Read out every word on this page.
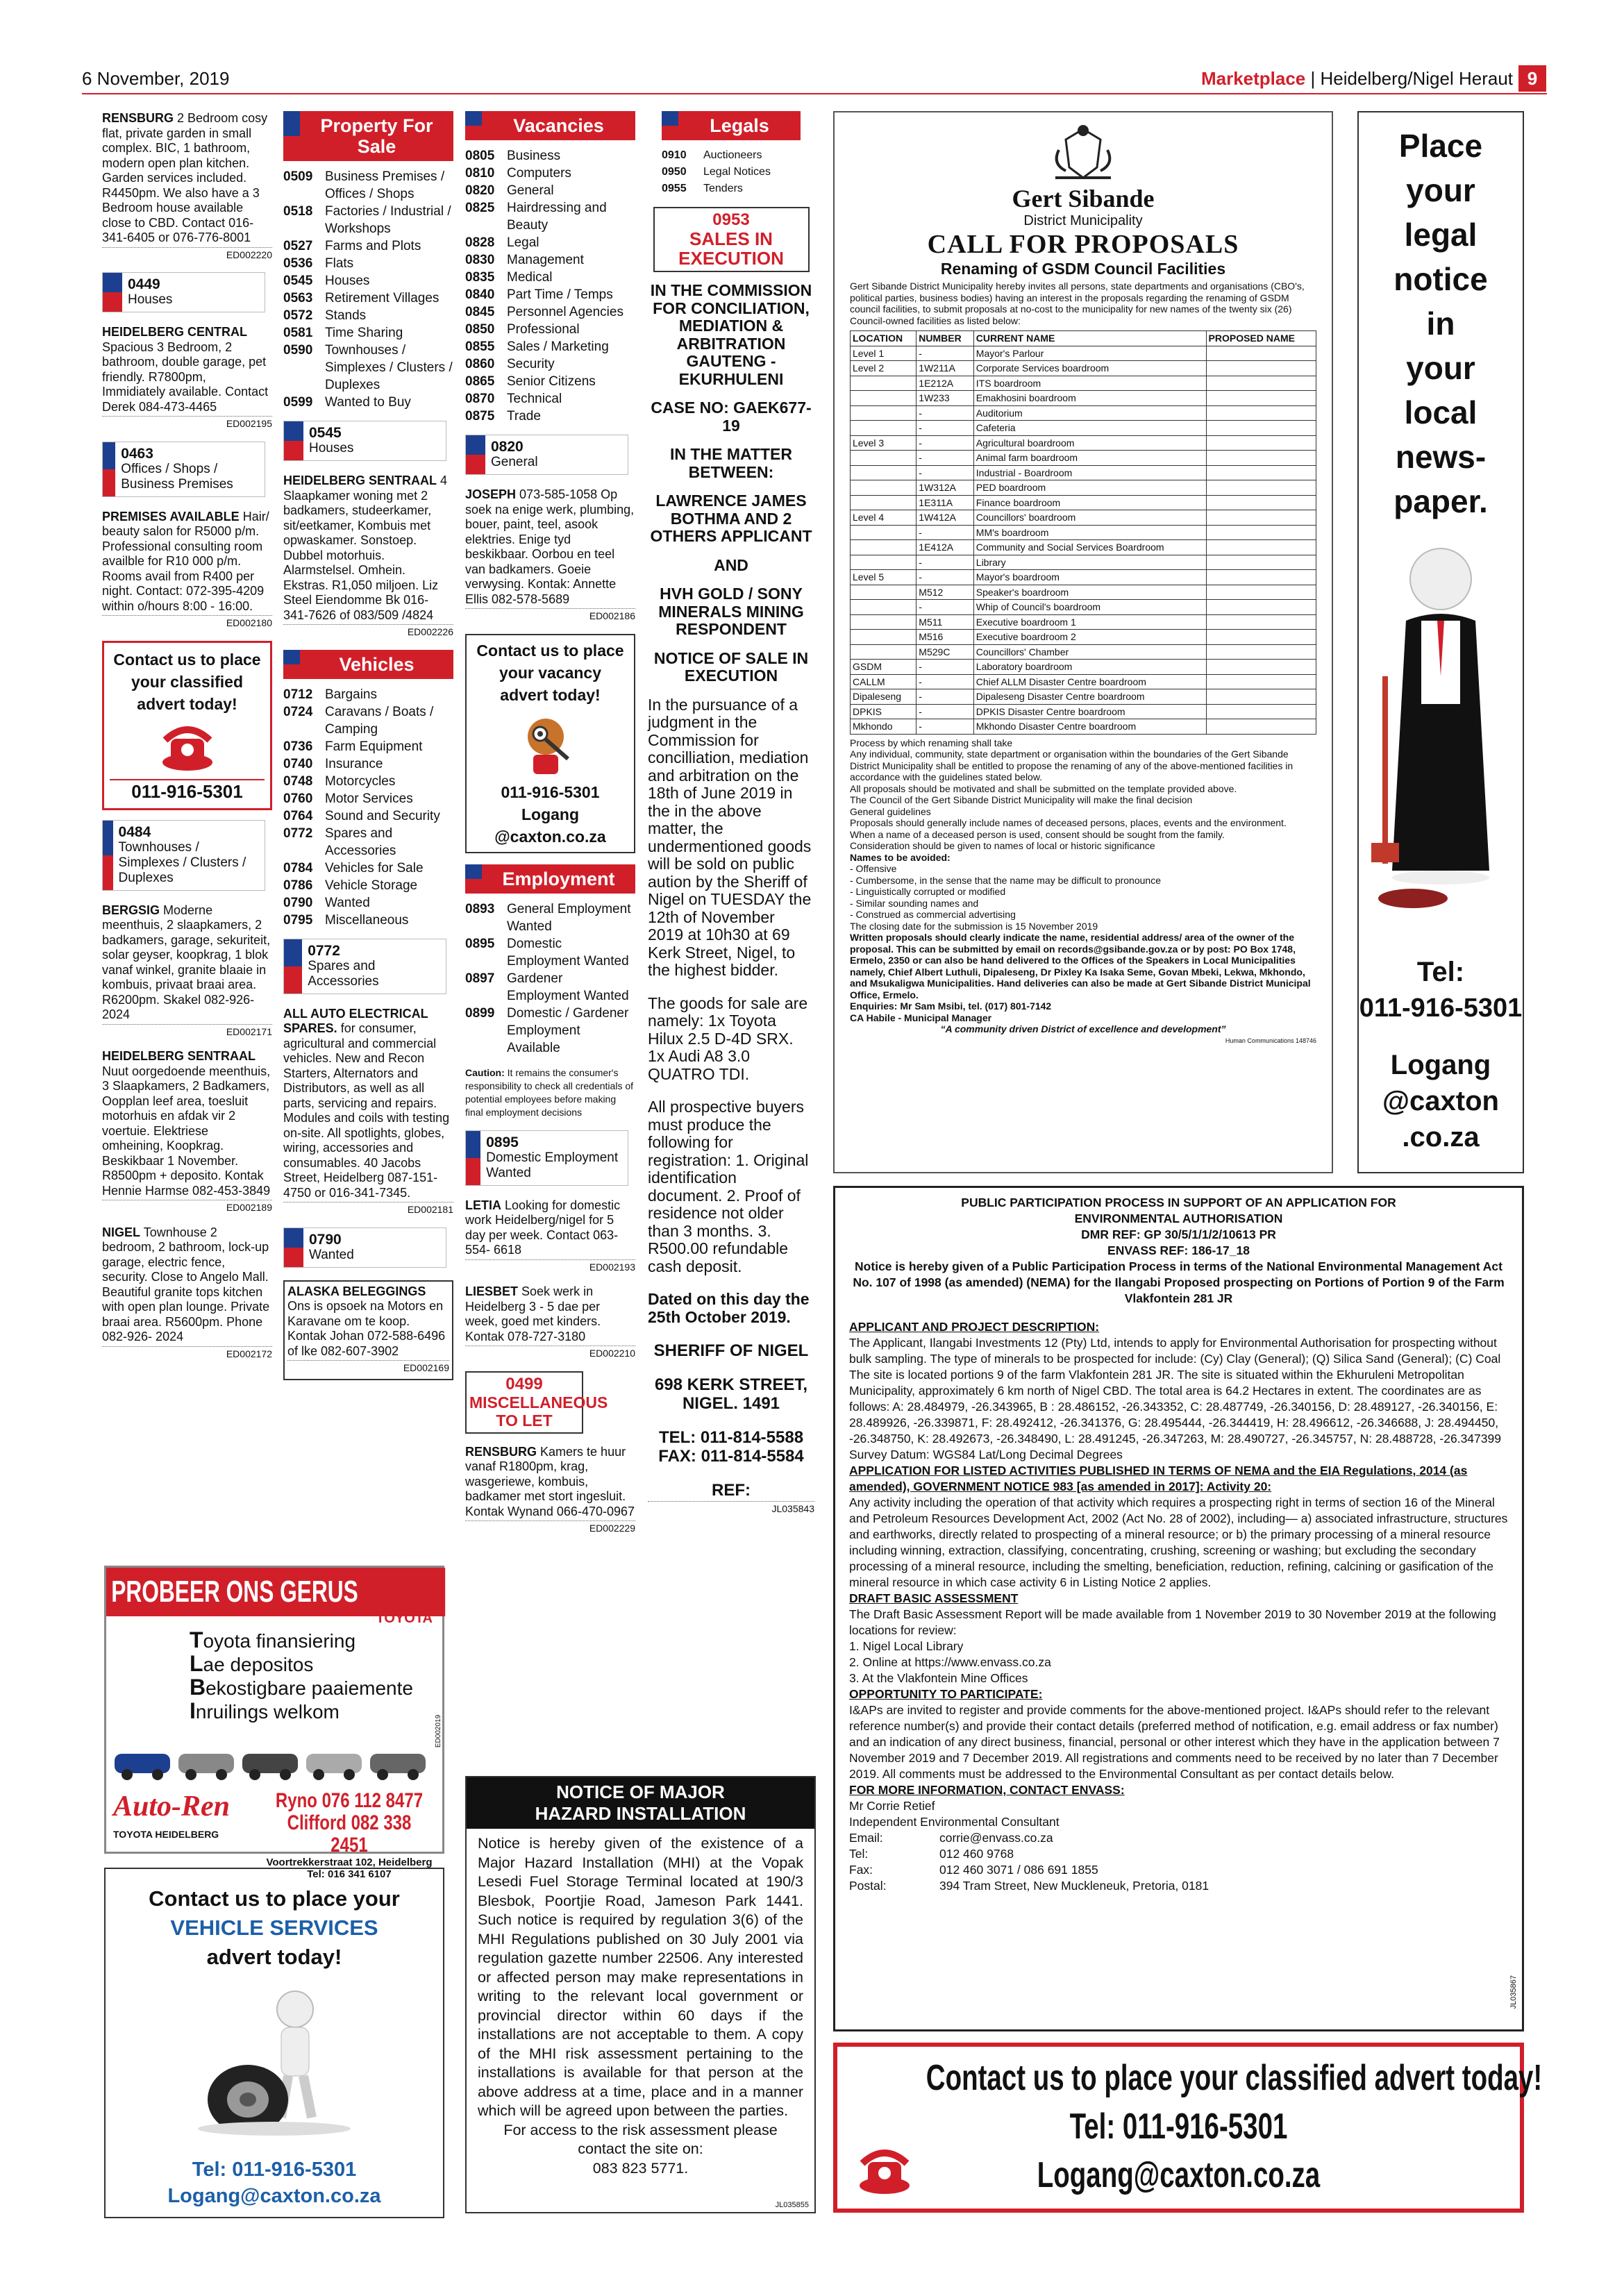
6 November, 2019	Marketplace | Heidelberg/Nigel Heraut 9

RENSBURG 2 Bedroom cosy flat, private garden in small complex. BIC, 1 bathroom, modern open plan kitchen. Garden services included. R4450pm. We also have a 3 Bedroom house available close to CBD. Contact 016-341-6405 or 076-776-8001

ED002220
0449
Houses

HEIDELBERG CENTRAL Spacious 3 Bedroom, 2 bathroom, double garage, pet friendly. R7800pm, Immidiately available. Contact Derek 084-473-4465

ED002195
0463
Offices / Shops / Business Premises

PREMISES AVAILABLE Hair/ beauty salon for R5000 p/m. Professional consulting room availble for R10 000 p/m. Rooms avail from R400 per night. Contact: 072-395-4209 within o/hours 8:00 - 16:00.

ED002180
Contact us to place
your classified
advert today!
011-916-5301
0484
Townhouses / Simplexes / Clusters / Duplexes

BERGSIG Moderne meenthuis, 2 slaapkamers, 2 badkamers, garage, sekuriteit, solar geyser, koopkrag, 1 blok vanaf winkel, granite blaaie in kombuis, privaat braai area. R6200pm. Skakel 082-926-2024

ED002171

HEIDELBERG SENTRAAL Nuut oorgedoende meenthuis, 3 Slaapkamers, 2 Badkamers, Oopplan leef area, toesluit motorhuis en afdak vir 2 voertuie. Elektriese omheining, Koopkrag. Beskikbaar 1 November. R8500pm + deposito. Kontak Hennie Harmse 082-453-3849

ED002189

NIGEL Townhouse 2 bedroom, 2 bathroom, lock-up garage, electric fence, security. Close to Angelo Mall. Beautiful granite tops kitchen with open plan lounge. Private braai area. R5600pm. Phone 082-926- 2024

ED002172
Property For Sale
0509 Business Premises / Offices / Shops
0518 Factories / Industrial / Workshops
0527 Farms and Plots
0536 Flats
0545 Houses
0563 Retirement Villages
0572 Stands
0581 Time Sharing
0590 Townhouses / Simplexes / Clusters / Duplexes
0599 Wanted to Buy
0545
Houses

HEIDELBERG SENTRAAL 4 Slaapkamer woning met 2 badkamers, studeerkamer, sit/eetkamer, Kombuis met opwaskamer. Sonstoep. Dubbel motorhuis. Alarmstelsel. Omhein. Ekstras. R1,050 miljoen. Liz Steel Eiendomme Bk 016-341-7626 of 083/509 /4824

ED002226
Vehicles
0712 Bargains
0724 Caravans / Boats / Camping
0736 Farm Equipment
0740 Insurance
0748 Motorcycles
0760 Motor Services
0764 Sound and Security
0772 Spares and Accessories
0784 Vehicles for Sale
0786 Vehicle Storage
0790 Wanted
0795 Miscellaneous
0772
Spares and Accessories

ALL AUTO ELECTRICAL SPARES. for consumer, agricultural and commercial vehicles. New and Recon Starters, Alternators and Distributors, as well as all parts, servicing and repairs. Modules and coils with testing on-site. All spotlights, globes, wiring, accessories and consumables. 40 Jacobs Street, Heidelberg 087-151-4750 or 016-341-7345.

ED002181
0790
Wanted

ALASKA BELEGGINGS
Ons is opsoek na Motors en Karavane om te koop. Kontak Johan 072-588-6496 of lke 082-607-3902

ED002169
Vacancies
0805 Business
0810 Computers
0820 General
0825 Hairdressing and Beauty
0828 Legal
0830 Management
0835 Medical
0840 Part Time / Temps
0845 Personnel Agencies
0850 Professional
0855 Sales / Marketing
0860 Security
0865 Senior Citizens
0870 Technical
0875 Trade
0820
General

JOSEPH 073-585-1058 Op soek na enige werk, plumbing, bouer, paint, teel, asook elektries. Enige tyd beskikbaar. Oorbou en teel van badkamers. Goeie verwysing. Kontak: Annette Ellis 082-578-5689

ED002186
Contact us to place
your vacancy
advert today!
011-916-5301
Logang
@caxton.co.za
Employment
0893 General Employment Wanted
0895 Domestic Employment Wanted
0897 Gardener Employment Wanted
0899 Domestic / Gardener Employment Available
Caution: It remains the consumer's responsibility to check all credentials of potential employees before making final employment decisions
0895
Domestic Employment Wanted

LETIA Looking for domestic work Heidelberg/nigel for 5 day per week. Contact 063-554- 6618

ED002193

LIESBET Soek werk in Heidelberg 3 - 5 dae per week, goed met kinders. Kontak 078-727-3180

ED002210
0499
MISCELLANEOUS TO LET

RENSBURG Kamers te huur vanaf R1800pm, krag, wasgeriewe, kombuis, badkamer met stort ingesluit. Kontak Wynand 066-470-0967

ED002229
Legals
0910	Auctioneers
0950	Legal Notices
0955	Tenders
0953
SALES IN EXECUTION
IN THE COMMISSION FOR CONCILIATION, MEDIATION & ARBITRATION GAUTENG - EKURHULENI
CASE NO: GAEK677-19
IN THE MATTER BETWEEN:
LAWRENCE JAMES BOTHMA AND 2 OTHERS APPLICANT
AND
HVH GOLD / SONY MINERALS MINING RESPONDENT
NOTICE OF SALE IN EXECUTION
In the pursuance of a judgment in the Commission for concilliation, mediation and arbitration on the 18th of June 2019 in the in the above matter, the undermentioned goods will be sold on public aution by the Sheriff of Nigel on TUESDAY the 12th of November 2019 at 10h30 at 69 Kerk Street, Nigel, to the highest bidder.
The goods for sale are namely: 1x Toyota Hilux 2.5 D-4D SRX. 1x Audi A8 3.0 QUATRO TDI.
All prospective buyers must produce the following for registration: 1. Original identification document. 2. Proof of residence not older than 3 months. 3. R500.00 refundable cash deposit.
Dated on this day the 25th October 2019.
SHERIFF OF NIGEL
698 KERK STREET, NIGEL. 1491
TEL: 011-814-5588
FAX: 011-814-5584
REF:
JL035843
Gert Sibande
District Municipality
CALL FOR PROPOSALS
Renaming of GSDM Council Facilities

Gert Sibande District Municipality hereby invites all persons, state departments and organisations (CBO's, political parties, business bodies) having an interest in the proposals regarding the renaming of GSDM council facilities, to submit proposals at no-cost to the municipality for new names of the twenty six (26) Council-owned facilities as listed below:

LOCATION	NUMBER	CURRENT NAME	PROPOSED NAME
Level 1	-	Mayor's Parlour	
Level 2	1W211A	Corporate Services boardroom	
	1E212A	ITS boardroom	
	1W233	Emakhosini boardroom	
	-	Auditorium	
	-	Cafeteria	
Level 3	-	Agricultural boardroom	
	-	Animal farm boardroom	
	-	Industrial - Boardroom	
	1W312A	PED boardroom	
	1E311A	Finance boardroom	
Level 4	1W412A	Councillors' boardroom	
	-	MM's boardroom	
	1E412A	Community and Social Services Boardroom	
	-	Library	
Level 5	-	Mayor's boardroom	
	M512	Speaker's boardroom	
	-	Whip of Council's boardroom	
	M511	Executive boardroom 1	
	M516	Executive boardroom 2	
	M529C	Councillors' Chamber	
GSDM	-	Laboratory boardroom	
CALLM	-	Chief ALLM Disaster Centre boardroom	
Dipaleseng	-	Dipaleseng Disaster Centre boardroom	
DPKIS	-	DPKIS Disaster Centre boardroom	
Mkhondo	-	Mkhondo Disaster Centre boardroom	

Process by which renaming shall take

Any individual, community, state department or organisation within the boundaries of the Gert Sibande District Municipality shall be entitled to propose the renaming of any of the above-mentioned facilities in accordance with the guidelines stated below.

All proposals should be motivated and shall be submitted on the template provided above.

The Council of the Gert Sibande District Municipality will make the final decision

General guidelines

Proposals should generally include names of deceased persons, places, events and the environment.

When a name of a deceased person is used, consent should be sought from the family.

Consideration should be given to names of local or historic significance

Names to be avoided:

- Offensive

- Cumbersome, in the sense that the name may be difficult to pronounce

- Linguistically corrupted or modified

- Similar sounding names and

- Construed as commercial advertising

The closing date for the submission is 15 November 2019

Written proposals should clearly indicate the name, residential address/ area of the owner of the proposal. This can be submitted by email on records@gsibande.gov.za or by post: PO Box 1748, Ermelo, 2350 or can also be hand delivered to the Offices of the Speakers in Local Municipalities namely, Chief Albert Luthuli, Dipaleseng, Dr Pixley Ka Isaka Seme, Govan Mbeki, Lekwa, Mkhondo, and Msukaligwa Municipalities. Hand deliveries can also be made at Gert Sibande District Municipal Office, Ermelo.

Enquiries: Mr Sam Msibi, tel. (017) 801-7142

CA Habile - Municipal Manager

“A community driven District of excellence and development”

Human Communications 148746

Place
your
legal
notice
in
your
local
news-
paper.
Tel:
011-916-5301
Logang
@caxton
.co.za
PUBLIC PARTICIPATION PROCESS IN SUPPORT OF AN APPLICATION FOR
ENVIRONMENTAL AUTHORISATION
DMR REF: GP 30/5/1/1/2/10613 PR
ENVASS REF: 186-17_18

Notice is hereby given of a Public Participation Process in terms of the National Environmental Management Act No. 107 of 1998 (as amended) (NEMA) for the Ilangabi Proposed prospecting on Portions of Portion 9 of the Farm Vlakfontein 281 JR

APPLICANT AND PROJECT DESCRIPTION:

The Applicant, Ilangabi Investments 12 (Pty) Ltd, intends to apply for Environmental Authorisation for prospecting without bulk sampling. The type of minerals to be prospected for include: (Cy) Clay (General); (Q) Silica Sand (General); (C) Coal The site is located portions 9 of the farm Vlakfontein 281 JR. The site is situated within the Ekhuruleni Metropolitan Municipality, approximately 6 km north of Nigel CBD. The total area is 64.2 Hectares in extent. The coordinates are as follows: A: 28.484979, -26.343965, B : 28.486152, -26.343352, C: 28.487749, -26.340156, D: 28.489127, -26.340156, E: 28.489926, -26.339871, F: 28.492412, -26.341376, G: 28.495444, -26.344419, H: 28.496612, -26.346688, J: 28.494450, -26.348750, K: 28.492673, -26.348490, L: 28.491245, -26.347263, M: 28.490727, -26.345757, N: 28.488728, -26.347399

Survey Datum: WGS84 Lat/Long Decimal Degrees

APPLICATION FOR LISTED ACTIVITIES PUBLISHED IN TERMS OF NEMA and the EIA Regulations, 2014 (as amended), GOVERNMENT NOTICE 983 [as amended in 2017]: Activity 20:

Any activity including the operation of that activity which requires a prospecting right in terms of section 16 of the Mineral and Petroleum Resources Development Act, 2002 (Act No. 28 of 2002), including— a) associated infrastructure, structures and earthworks, directly related to prospecting of a mineral resource; or b) the primary processing of a mineral resource including winning, extraction, classifying, concentrating, crushing, screening or washing; but excluding the secondary processing of a mineral resource, including the smelting, beneficiation, reduction, refining, calcining or gasification of the mineral resource in which case activity 6 in Listing Notice 2 applies.

DRAFT BASIC ASSESSMENT

The Draft Basic Assessment Report will be made available from 1 November 2019 to 30 November 2019 at the following locations for review:

1. Nigel Local Library

2. Online at https://www.envass.co.za

3. At the Vlakfontein Mine Offices

OPPORTUNITY TO PARTICIPATE:

I&APs are invited to register and provide comments for the above-mentioned project. I&APs should refer to the relevant reference number(s) and provide their contact details (preferred method of notification, e.g. email address or fax number) and an indication of any direct business, financial, personal or other interest which they have in the application between 7 November 2019 and 7 December 2019. All registrations and comments need to be received by no later than 7 December 2019. All comments must be addressed to the Environmental Consultant as per contact details below.

FOR MORE INFORMATION, CONTACT ENVASS:

Mr Corrie Retief

Independent Environmental Consultant

Email:	corrie@envass.co.za
Tel:	012 460 9768
Fax:	012 460 3071 / 086 691 1855
Postal:	394 Tram Street, New Muckleneuk, Pretoria, 0181
JL035867
Contact us to place your classified advert today!
Tel: 011-916-5301
Logang@caxton.co.za
PROBEER ONS GERUS
TOYOTA
Toyota finansiering
Lae depositos
Bekostigbare paaiemente
Inruilings welkom
Auto-Ren
TOYOTA HEIDELBERG
Ryno 076 112 8477
Clifford 082 338 2451
Voortrekkerstraat 102, Heidelberg
Tel: 016 341 6107
ED002019
Contact us to place your
VEHICLE SERVICES
advert today!
Tel: 011-916-5301
Logang@caxton.co.za
NOTICE OF MAJOR
HAZARD INSTALLATION

Notice is hereby given of the existence of a Major Hazard Installation (MHI) at the Vopak Lesedi Fuel Storage Terminal located at 190/3 Blesbok, Poortjie Road, Jameson Park 1441. Such notice is required by regulation 3(6) of the MHI Regulations published on 30 July 2001 via regulation gazette number 22506. Any interested or affected person may make representations in writing to the relevant local government or provincial director within 60 days if the installations are not acceptable to them. A copy of the MHI risk assessment pertaining to the installations is available for that person at the above address at a time, place and in a manner which will be agreed upon between the parties.

For access to the risk assessment please contact the site on:

083 823 5771.

JL035855
